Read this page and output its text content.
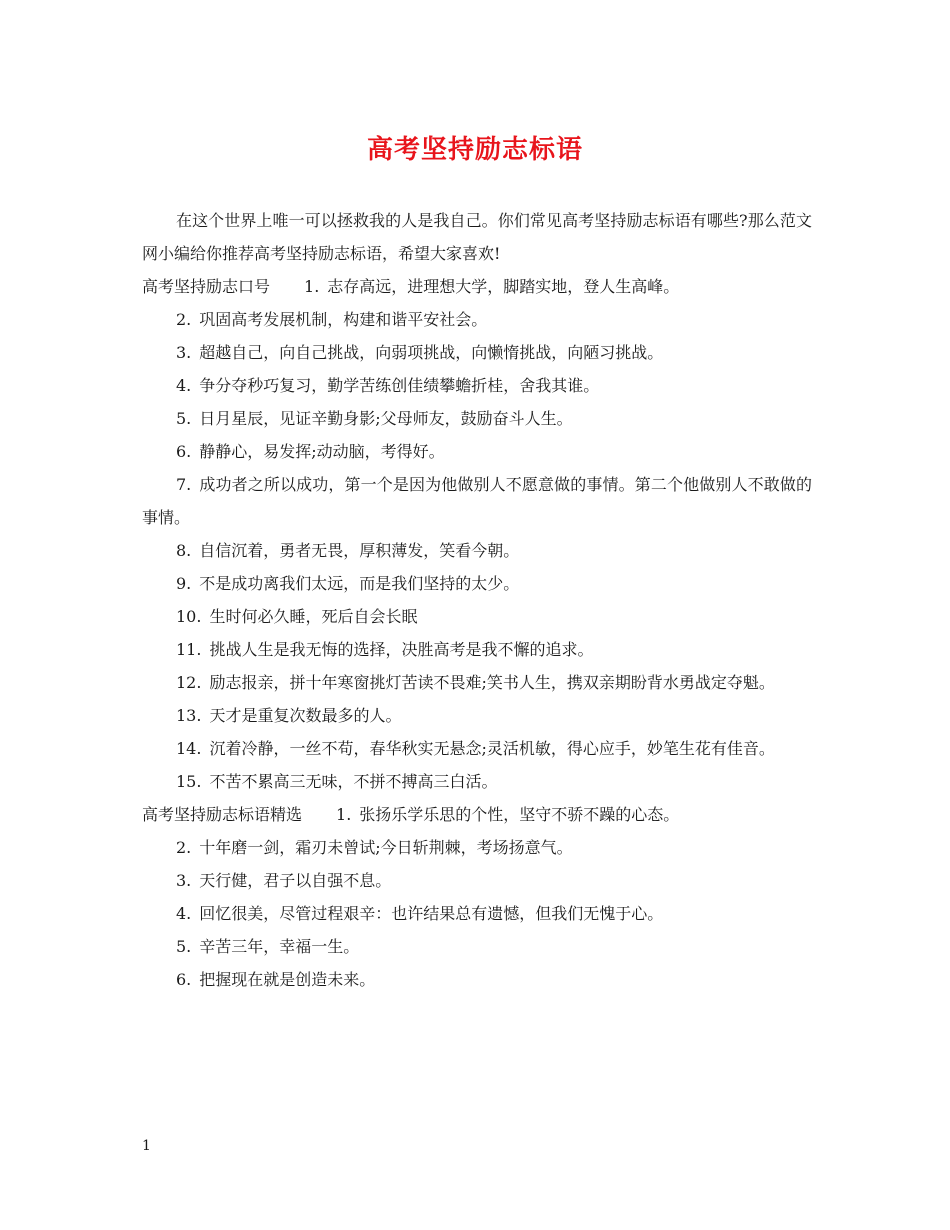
高考坚持励志标语

在这个世界上唯一可以拯救我的人是我自己。你们常见高考坚持励志标语有哪些?那么范文网小编给你推荐高考坚持励志标语，希望大家喜欢!

高考坚持励志口号 1. 志存高远，进理想大学，脚踏实地，登人生高峰。

2. 巩固高考发展机制，构建和谐平安社会。

3. 超越自己，向自己挑战，向弱项挑战，向懒惰挑战，向陋习挑战。

4. 争分夺秒巧复习，勤学苦练创佳绩攀蟾折桂，舍我其谁。

5. 日月星辰，见证辛勤身影;父母师友，鼓励奋斗人生。

6. 静静心，易发挥;动动脑，考得好。

7. 成功者之所以成功，第一个是因为他做别人不愿意做的事情。第二个他做别人不敢做的事情。

8. 自信沉着，勇者无畏，厚积薄发，笑看今朝。

9. 不是成功离我们太远，而是我们坚持的太少。

10. 生时何必久睡，死后自会长眠

11. 挑战人生是我无悔的选择，决胜高考是我不懈的追求。

12. 励志报亲，拼十年寒窗挑灯苦读不畏难;笑书人生，携双亲期盼背水勇战定夺魁。

13. 天才是重复次数最多的人。

14. 沉着冷静，一丝不苟，春华秋实无悬念;灵活机敏，得心应手，妙笔生花有佳音。

15. 不苦不累高三无味，不拼不搏高三白活。

高考坚持励志标语精选 1. 张扬乐学乐思的个性，坚守不骄不躁的心态。

2. 十年磨一剑，霜刃未曾试;今日斩荆棘，考场扬意气。

3. 天行健，君子以自强不息。

4. 回忆很美，尽管过程艰辛：也许结果总有遗憾，但我们无愧于心。

5. 辛苦三年，幸福一生。

6. 把握现在就是创造未来。

1
